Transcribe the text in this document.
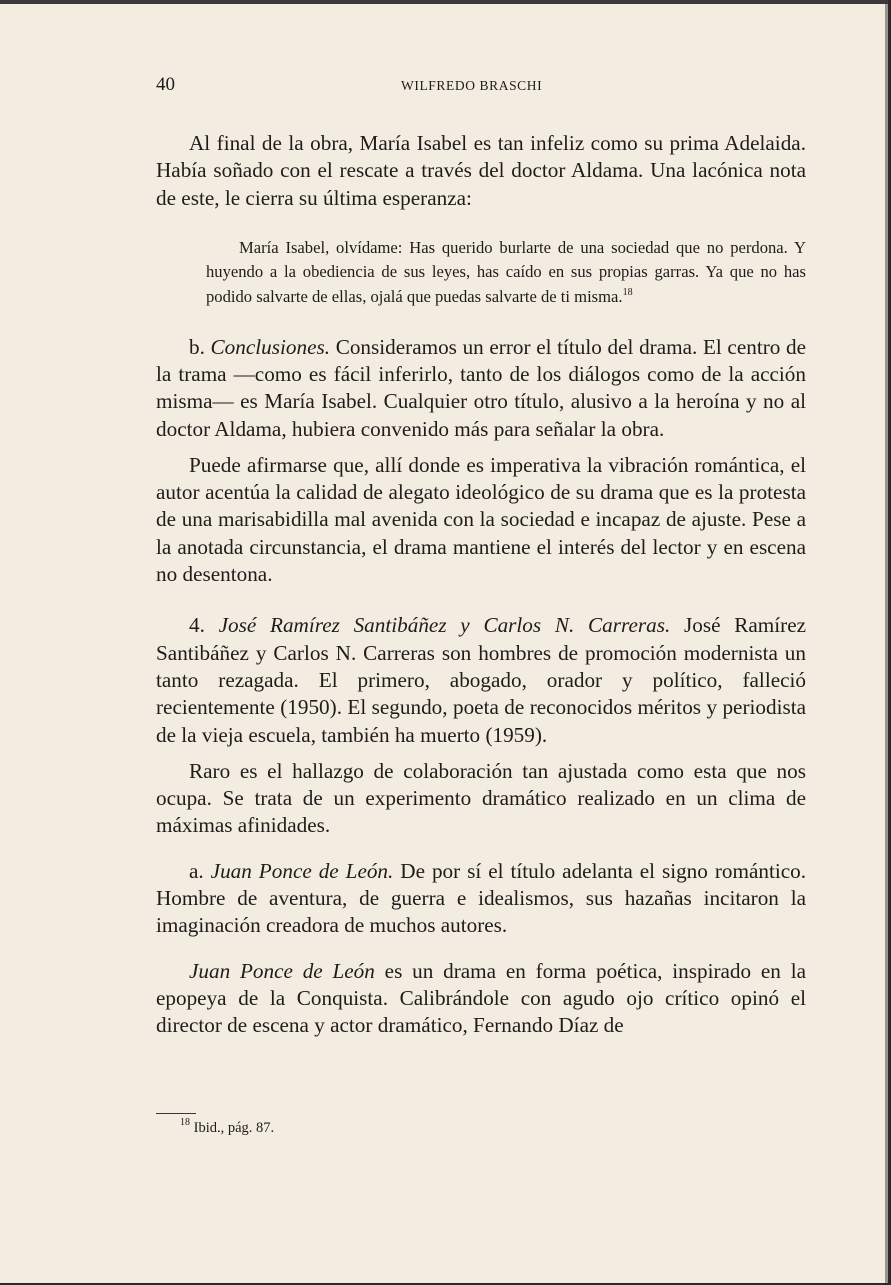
40	WILFREDO BRASCHI

Al final de la obra, María Isabel es tan infeliz como su prima Adelaida. Había soñado con el rescate a través del doctor Aldama. Una lacónica nota de este, le cierra su última esperanza:

María Isabel, olvídame: Has querido burlarte de una sociedad que no perdona. Y huyendo a la obediencia de sus leyes, has caído en sus propias garras. Ya que no has podido salvarte de ellas, ojalá que puedas salvarte de ti misma.$^{18}$

b. Conclusiones. Consideramos un error el título del drama. El centro de la trama —como es fácil inferirlo, tanto de los diálogos como de la acción misma— es María Isabel. Cualquier otro título, alusivo a la heroína y no al doctor Aldama, hubiera convenido más para señalar la obra.

Puede afirmarse que, allí donde es imperativa la vibración romántica, el autor acentúa la calidad de alegato ideológico de su drama que es la protesta de una marisabidilla mal avenida con la sociedad e incapaz de ajuste. Pese a la anotada circunstancia, el drama mantiene el interés del lector y en escena no desentona.

4. José Ramírez Santibáñez y Carlos N. Carreras. José Ramírez Santibáñez y Carlos N. Carreras son hombres de promoción modernista un tanto rezagada. El primero, abogado, orador y político, falleció recientemente (1950). El segundo, poeta de reconocidos méritos y periodista de la vieja escuela, también ha muerto (1959).

Raro es el hallazgo de colaboración tan ajustada como esta que nos ocupa. Se trata de un experimento dramático realizado en un clima de máximas afinidades.

a. Juan Ponce de León. De por sí el título adelanta el signo romántico. Hombre de aventura, de guerra e idealismos, sus hazañas incitaron la imaginación creadora de muchos autores.

Juan Ponce de León es un drama en forma poética, inspirado en la epopeya de la Conquista. Calibrándole con agudo ojo crítico opinó el director de escena y actor dramático, Fernando Díaz de

$^{18}$ Ibid., pág. 87.
